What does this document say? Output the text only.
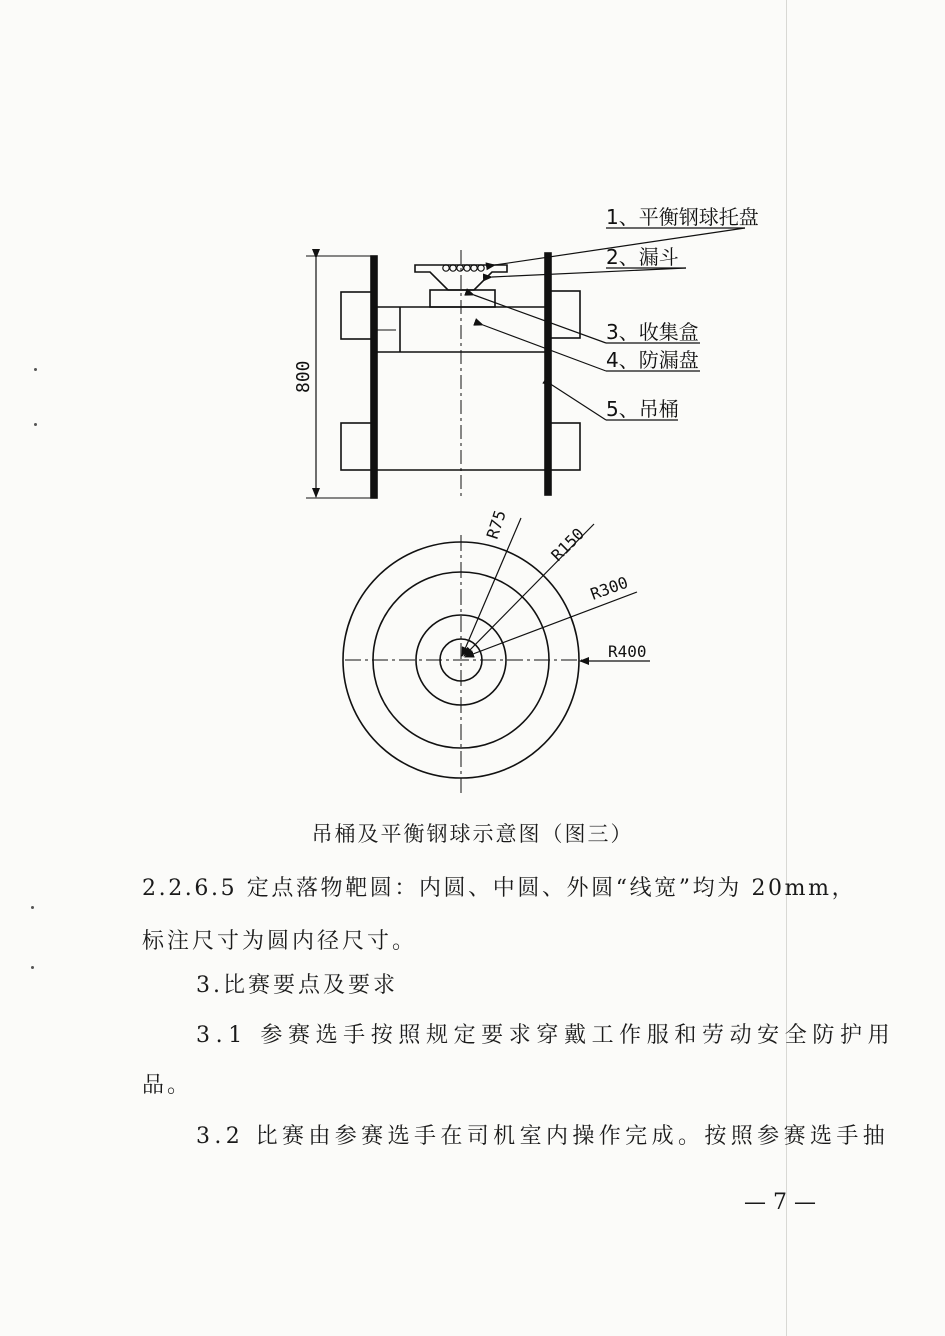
1、平衡钢球托盘
2、漏斗
3、收集盒
4、防漏盘
5、吊桶
800
R75 R150
R300
R400
吊桶及平衡钢球示意图（图三）
2.2.6.5 定点落物靶圆：内圆、中圆、外圆“线宽”均为 20mm，
标注尺寸为圆内径尺寸。
3.比赛要点及要求
3.1 参赛选手按照规定要求穿戴工作服和劳动安全防护用
品。
3.2 比赛由参赛选手在司机室内操作完成。按照参赛选手抽
— 7 —
